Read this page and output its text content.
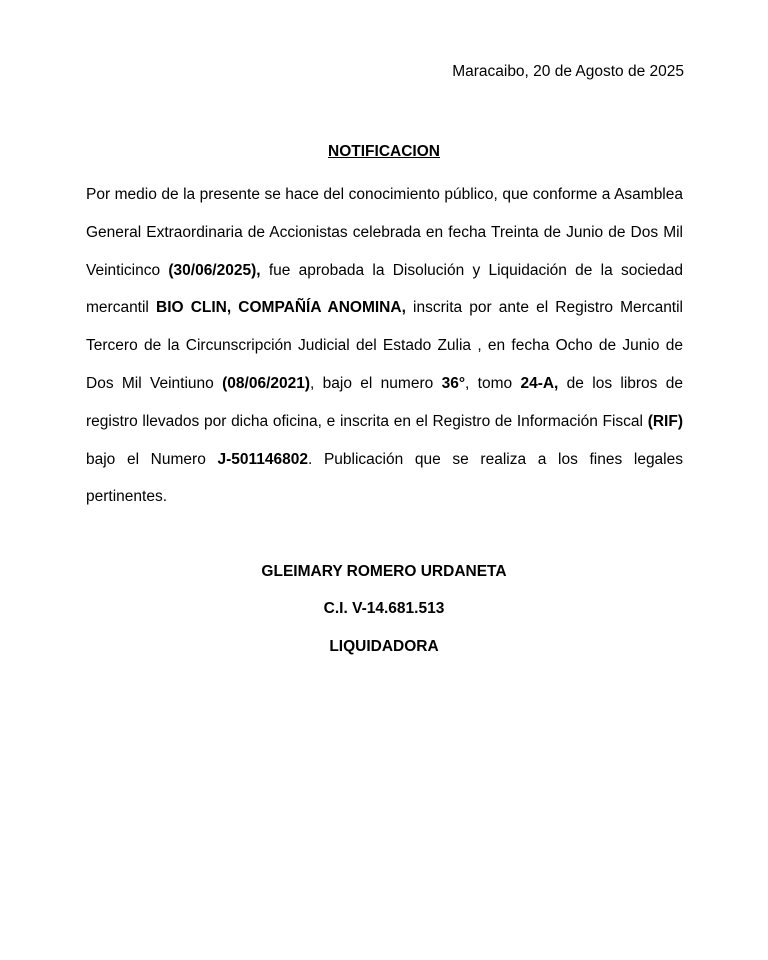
Maracaibo, 20 de Agosto de 2025
NOTIFICACION
Por medio de la presente se hace del conocimiento público, que conforme a Asamblea General Extraordinaria de Accionistas celebrada en fecha Treinta de Junio de Dos Mil Veinticinco (30/06/2025), fue aprobada la Disolución y Liquidación de la sociedad mercantil BIO CLIN, COMPAÑÍA ANOMINA, inscrita por ante el Registro Mercantil Tercero de la Circunscripción Judicial del Estado Zulia , en fecha Ocho de Junio de Dos Mil Veintiuno (08/06/2021), bajo el numero 36°, tomo 24-A, de los libros de registro llevados por dicha oficina, e inscrita en el Registro de Información Fiscal (RIF) bajo el Numero J-501146802. Publicación que se realiza a los fines legales pertinentes.
GLEIMARY ROMERO URDANETA
C.I. V-14.681.513
LIQUIDADORA
